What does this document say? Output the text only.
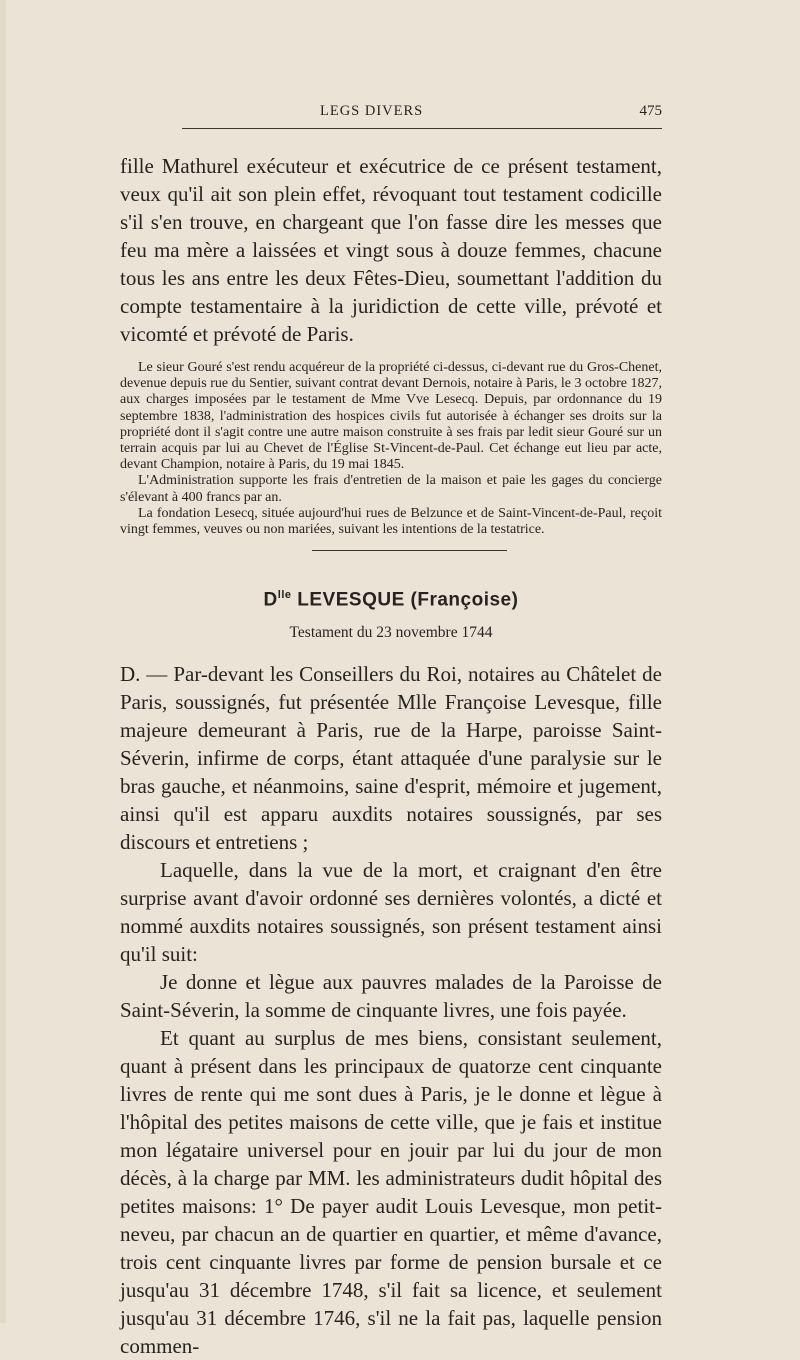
LEGS DIVERS	475

fille Mathurel exécuteur et exécutrice de ce présent testament, veux qu'il ait son plein effet, révoquant tout testament codicille s'il s'en trouve, en chargeant que l'on fasse dire les messes que feu ma mère a laissées et vingt sous à douze femmes, chacune tous les ans entre les deux Fêtes-Dieu, soumettant l'addition du compte testamentaire à la juridiction de cette ville, prévoté et vicomté et prévoté de Paris.

Le sieur Gouré s'est rendu acquéreur de la propriété ci-dessus, ci-devant rue du Gros-Chenet, devenue depuis rue du Sentier, suivant contrat devant Dernois, notaire à Paris, le 3 octobre 1827, aux charges imposées par le testament de Mme Vve Lesecq. Depuis, par ordonnance du 19 septembre 1838, l'administration des hospices civils fut autorisée à échanger ses droits sur la propriété dont il s'agit contre une autre maison construite à ses frais par ledit sieur Gouré sur un terrain acquis par lui au Chevet de l'Église St-Vincent-de-Paul. Cet échange eut lieu par acte, devant Champion, notaire à Paris, du 19 mai 1845.

L'Administration supporte les frais d'entretien de la maison et paie les gages du concierge s'élevant à 400 francs par an.

La fondation Lesecq, située aujourd'hui rues de Belzunce et de Saint-Vincent-de-Paul, reçoit vingt femmes, veuves ou non mariées, suivant les intentions de la testatrice.

$D^{lle}$ LEVESQUE (Françoise)
Testament du 23 novembre 1744

D. — Par-devant les Conseillers du Roi, notaires au Châtelet de Paris, soussignés, fut présentée Mlle Françoise Levesque, fille majeure demeurant à Paris, rue de la Harpe, paroisse Saint-Séverin, infirme de corps, étant attaquée d'une paralysie sur le bras gauche, et néanmoins, saine d'esprit, mémoire et jugement, ainsi qu'il est apparu auxdits notaires soussignés, par ses discours et entretiens ;

Laquelle, dans la vue de la mort, et craignant d'en être surprise avant d'avoir ordonné ses dernières volontés, a dicté et nommé auxdits notaires soussignés, son présent testament ainsi qu'il suit:

Je donne et lègue aux pauvres malades de la Paroisse de Saint-Séverin, la somme de cinquante livres, une fois payée.

Et quant au surplus de mes biens, consistant seulement, quant à présent dans les principaux de quatorze cent cinquante livres de rente qui me sont dues à Paris, je le donne et lègue à l'hôpital des petites maisons de cette ville, que je fais et institue mon légataire universel pour en jouir par lui du jour de mon décès, à la charge par MM. les administrateurs dudit hôpital des petites maisons: 1° De payer audit Louis Levesque, mon petit-neveu, par chacun an de quartier en quartier, et même d'avance, trois cent cinquante livres par forme de pension bursale et ce jusqu'au 31 décembre 1748, s'il fait sa licence, et seulement jusqu'au 31 décembre 1746, s'il ne la fait pas, laquelle pension commen-
